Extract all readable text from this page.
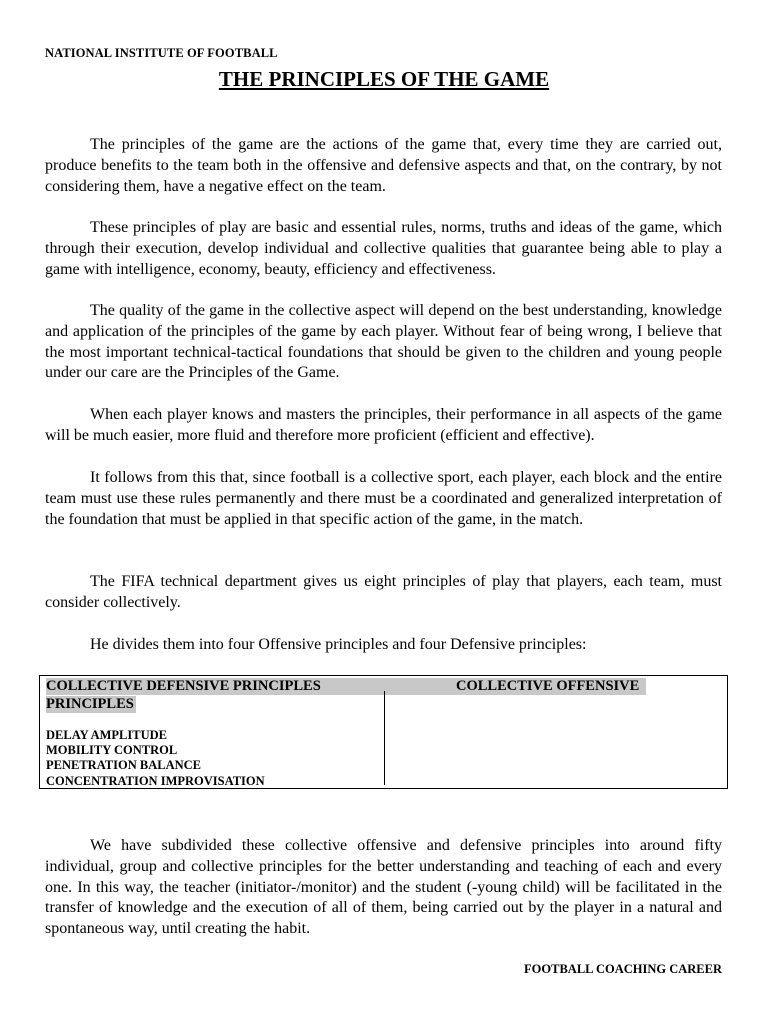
NATIONAL INSTITUTE OF FOOTBALL
THE PRINCIPLES OF THE GAME

The principles of the game are the actions of the game that, every time they are carried out, produce benefits to the team both in the offensive and defensive aspects and that, on the contrary, by not considering them, have a negative effect on the team.

These principles of play are basic and essential rules, norms, truths and ideas of the game, which through their execution, develop individual and collective qualities that guarantee being able to play a game with intelligence, economy, beauty, efficiency and effectiveness.

The quality of the game in the collective aspect will depend on the best understanding, knowledge and application of the principles of the game by each player. Without fear of being wrong, I believe that the most important technical-tactical foundations that should be given to the children and young people under our care are the Principles of the Game.

When each player knows and masters the principles, their performance in all aspects of the game will be much easier, more fluid and therefore more proficient (efficient and effective).

It follows from this that, since football is a collective sport, each player, each block and the entire team must use these rules permanently and there must be a coordinated and generalized interpretation of the foundation that must be applied in that specific action of the game, in the match.

The FIFA technical department gives us eight principles of play that players, each team, must consider collectively.

He divides them into four Offensive principles and four Defensive principles:

COLLECTIVE DEFENSIVE PRINCIPLES	COLLECTIVE OFFENSIVE
PRINCIPLES
DELAY AMPLITUDE
MOBILITY CONTROL
PENETRATION BALANCE
CONCENTRATION IMPROVISATION

We have subdivided these collective offensive and defensive principles into around fifty individual, group and collective principles for the better understanding and teaching of each and every one. In this way, the teacher (initiator-/monitor) and the student (-young child) will be facilitated in the transfer of knowledge and the execution of all of them, being carried out by the player in a natural and spontaneous way, until creating the habit.

FOOTBALL COACHING CAREER
